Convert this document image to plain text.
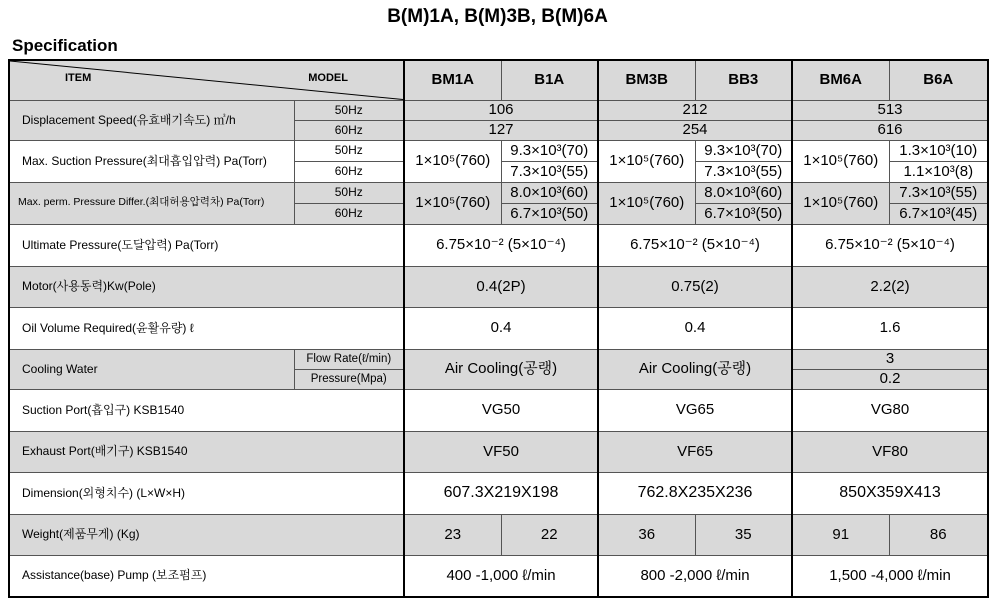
B(M)1A, B(M)3B, B(M)6A
Specification
ITEM MODEL		BM1A	B1A	BM3B	BB3	BM6A	B6A
Displacement Speed(유효배기속도) ㎥/h	50Hz	106		212		513	
	60Hz	127		254		616	
Max. Suction Pressure(최대흡입압력) Pa(Torr)	50Hz	1×10⁵(760)	9.3×10³(70)	1×10⁵(760)	9.3×10³(70)	1×10⁵(760)	1.3×10³(10)
	60Hz		7.3×10³(55)		7.3×10³(55)		1.1×10³(8)
Max. perm. Pressure Differ.(최대허용압력차) Pa(Torr)	50Hz	1×10⁵(760)	8.0×10³(60)	1×10⁵(760)	8.0×10³(60)	1×10⁵(760)	7.3×10³(55)
	60Hz		6.7×10³(50)		6.7×10³(50)		6.7×10³(45)
Ultimate Pressure(도달압력) Pa(Torr)		6.75×10⁻² (5×10⁻⁴)		6.75×10⁻² (5×10⁻⁴)		6.75×10⁻² (5×10⁻⁴)	
Motor(사용동력)Kw(Pole)		0.4(2P)		0.75(2)		2.2(2)	
Oil Volume Required(윤활유량) ℓ		0.4		0.4		1.6	
Cooling Water	Flow Rate(ℓ/min)	Air Cooling(공랭)		Air Cooling(공랭)		3	
	Pressure(Mpa)					0.2	
Suction Port(흡입구) KSB1540		VG50		VG65		VG80	
Exhaust Port(배기구) KSB1540		VF50		VF65		VF80	
Dimension(외형치수) (L×W×H)		607.3X219X198		762.8X235X236		850X359X413	
Weight(제품무게) (Kg)		23	22	36	35	91	86
Assistance(base) Pump (보조펌프)		400 -1,000 ℓ/min		800 -2,000 ℓ/min		1,500 -4,000 ℓ/min	
